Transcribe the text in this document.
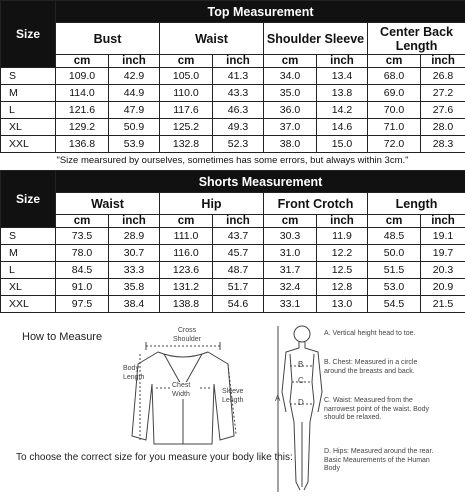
Size	Top Measurement							
	Bust		Waist		Shoulder Sleeve		Center Back Length	
	cm	inch	cm	inch	cm	inch	cm	inch
S	109.0	42.9	105.0	41.3	34.0	13.4	68.0	26.8
M	114.0	44.9	110.0	43.3	35.0	13.8	69.0	27.2
L	121.6	47.9	117.6	46.3	36.0	14.2	70.0	27.6
XL	129.2	50.9	125.2	49.3	37.0	14.6	71.0	28.0
XXL	136.8	53.9	132.8	52.3	38.0	15.0	72.0	28.3
"Size mearsured by ourselves, sometimes has some errors, but always within 3cm."
Size	Shorts Measurement							
	Waist		Hip		Front Crotch		Length	
	cm	inch	cm	inch	cm	inch	cm	inch
S	73.5	28.9	111.0	43.7	30.3	11.9	48.5	19.1
M	78.0	30.7	116.0	45.7	31.0	12.2	50.0	19.7
L	84.5	33.3	123.6	48.7	31.7	12.5	51.5	20.3
XL	91.0	35.8	131.2	51.7	32.4	12.8	53.0	20.9
XXL	97.5	38.4	138.8	54.6	33.1	13.0	54.5	21.5
How to Measure
Cross Shoulder
Body Length
Chest Width	Sleeve Length
To choose the correct size for you measure your body like this:
A
B
C
D
A. Vertical height head to toe.
B. Chest: Measured in a circle around the breasts and back.
C. Waist: Measured from the narrowest point of the waist. Body should be relaxed.
D. Hips: Measured around the rear. Basic Meaurements of the Human Body
